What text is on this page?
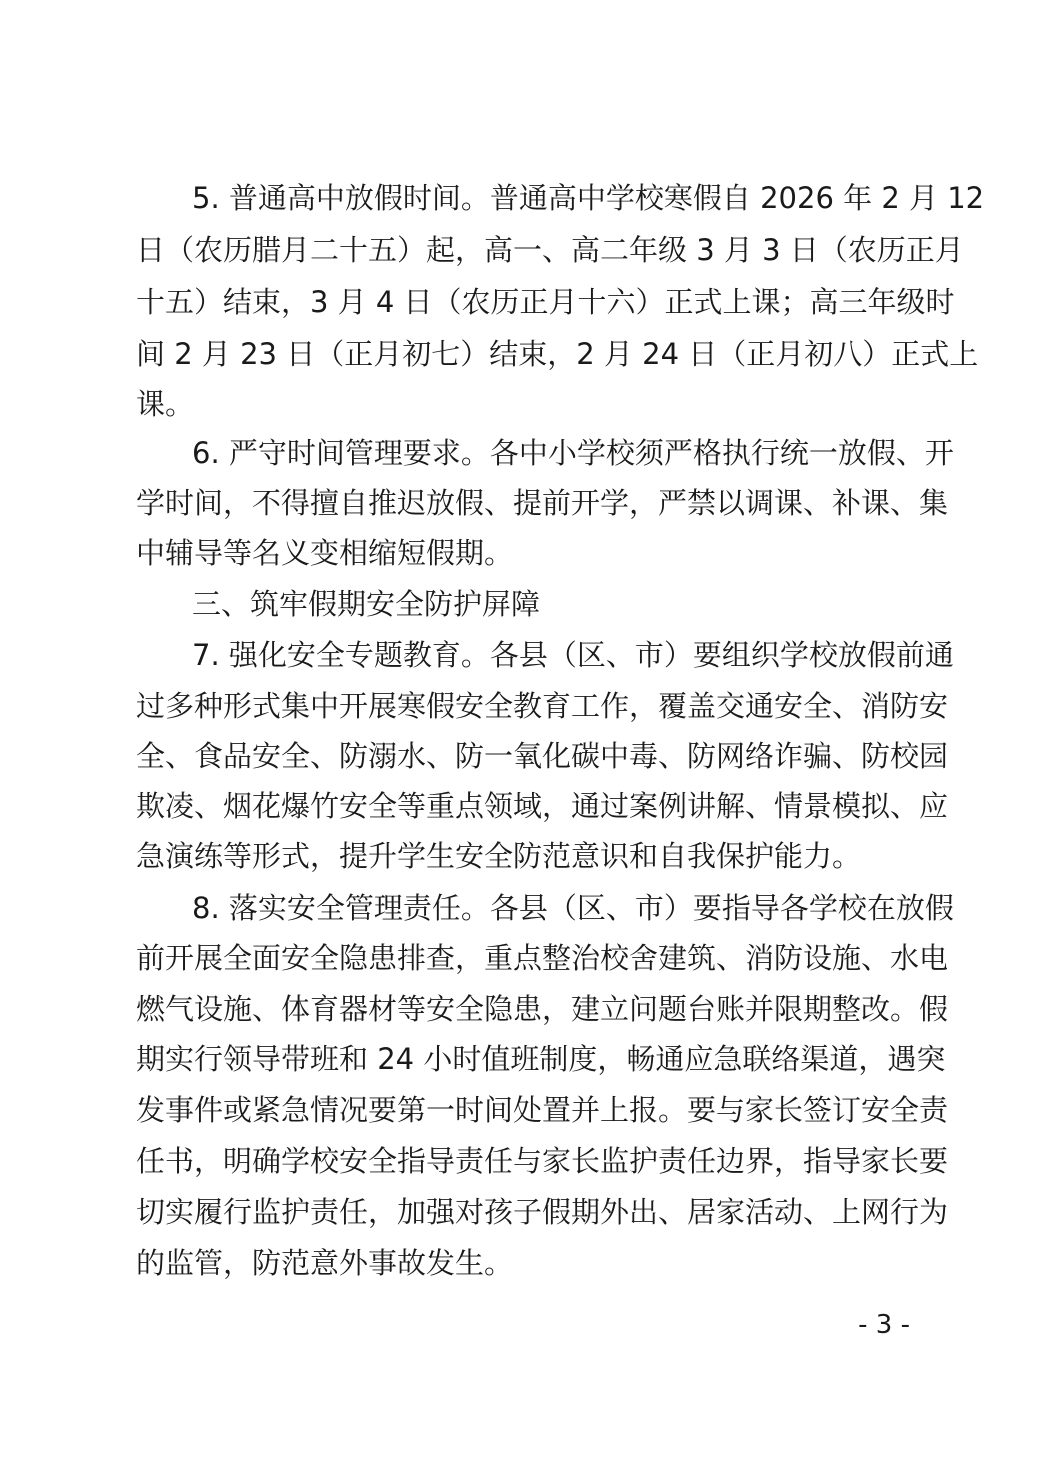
5. 普通高中放假时间。普通高中学校寒假自 2026 年 2 月 12
日（农历腊月二十五）起，高一、高二年级 3 月 3 日（农历正月
十五）结束，3 月 4 日（农历正月十六）正式上课；高三年级时
间 2 月 23 日（正月初七）结束，2 月 24 日（正月初八）正式上
课。
6. 严守时间管理要求。各中小学校须严格执行统一放假、开
学时间，不得擅自推迟放假、提前开学，严禁以调课、补课、集
中辅导等名义变相缩短假期。
三、筑牢假期安全防护屏障
7. 强化安全专题教育。各县（区、市）要组织学校放假前通
过多种形式集中开展寒假安全教育工作，覆盖交通安全、消防安
全、食品安全、防溺水、防一氧化碳中毒、防网络诈骗、防校园
欺凌、烟花爆竹安全等重点领域，通过案例讲解、情景模拟、应
急演练等形式，提升学生安全防范意识和自我保护能力。
8. 落实安全管理责任。各县（区、市）要指导各学校在放假
前开展全面安全隐患排查，重点整治校舍建筑、消防设施、水电
燃气设施、体育器材等安全隐患，建立问题台账并限期整改。假
期实行领导带班和 24 小时值班制度，畅通应急联络渠道，遇突
发事件或紧急情况要第一时间处置并上报。要与家长签订安全责
任书，明确学校安全指导责任与家长监护责任边界，指导家长要
切实履行监护责任，加强对孩子假期外出、居家活动、上网行为
的监管，防范意外事故发生。
- 3 -
